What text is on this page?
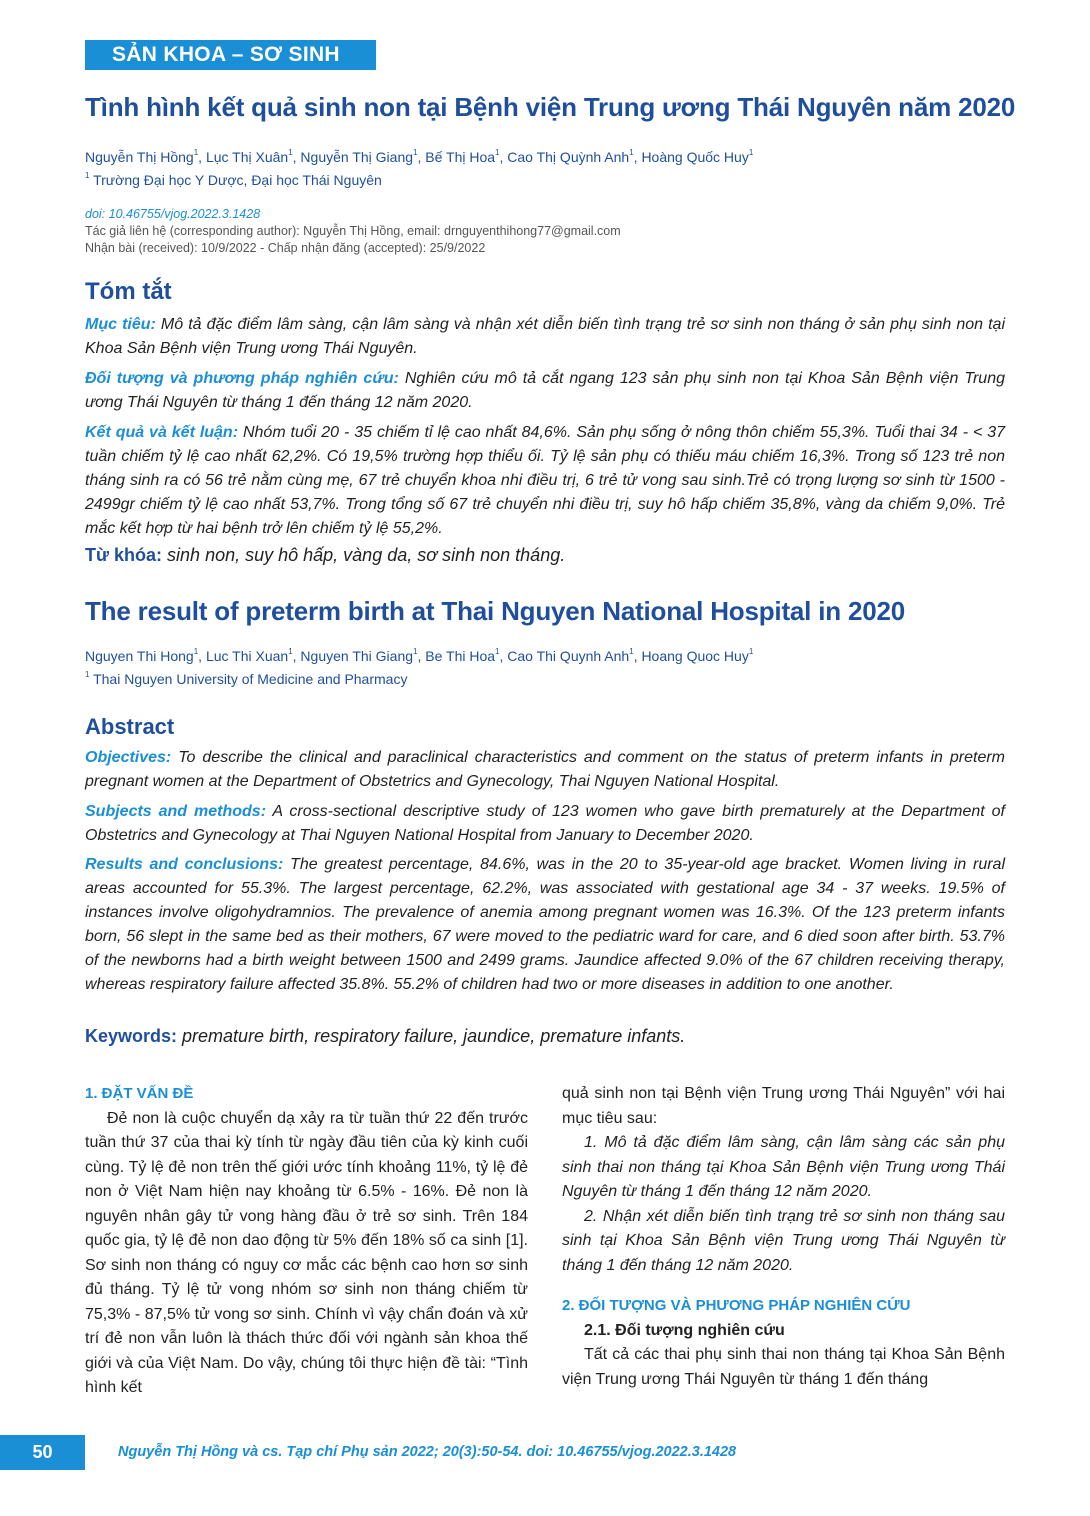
SẢN KHOA – SƠ SINH
Tình hình kết quả sinh non tại Bệnh viện Trung ương Thái Nguyên năm 2020
Nguyễn Thị Hồng$^1$, Lục Thị Xuân$^1$, Nguyễn Thị Giang$^1$, Bế Thị Hoa$^1$, Cao Thị Quỳnh Anh$^1$, Hoàng Quốc Huy$^1$
$^1$ Trường Đại học Y Dược, Đại học Thái Nguyên
doi: 10.46755/vjog.2022.3.1428
Tác giả liên hệ (corresponding author): Nguyễn Thị Hồng, email: drnguyenthihong77@gmail.com
Nhận bài (received): 10/9/2022 - Chấp nhận đăng (accepted): 25/9/2022
Tóm tắt
Mục tiêu: Mô tả đặc điểm lâm sàng, cận lâm sàng và nhận xét diễn biến tình trạng trẻ sơ sinh non tháng ở sản phụ sinh non tại Khoa Sản Bệnh viện Trung ương Thái Nguyên.
Đối tượng và phương pháp nghiên cứu: Nghiên cứu mô tả cắt ngang 123 sản phụ sinh non tại Khoa Sản Bệnh viện Trung ương Thái Nguyên từ tháng 1 đến tháng 12 năm 2020.
Kết quả và kết luận: Nhóm tuổi 20 - 35 chiếm tỉ lệ cao nhất 84,6%. Sản phụ sống ở nông thôn chiếm 55,3%. Tuổi thai 34 - < 37 tuần chiếm tỷ lệ cao nhất 62,2%. Có 19,5% trường hợp thiểu ối. Tỷ lệ sản phụ có thiếu máu chiếm 16,3%. Trong số 123 trẻ non tháng sinh ra có 56 trẻ nằm cùng mẹ, 67 trẻ chuyển khoa nhi điều trị, 6 trẻ tử vong sau sinh.Trẻ có trọng lượng sơ sinh từ 1500 - 2499gr chiếm tỷ lệ cao nhất 53,7%. Trong tổng số 67 trẻ chuyển nhi điều trị, suy hô hấp chiếm 35,8%, vàng da chiếm 9,0%. Trẻ mắc kết hợp từ hai bệnh trở lên chiếm tỷ lệ 55,2%.
Từ khóa: sinh non, suy hô hấp, vàng da, sơ sinh non tháng.
The result of preterm birth at Thai Nguyen National Hospital in 2020
Nguyen Thi Hong$^1$, Luc Thi Xuan$^1$, Nguyen Thi Giang$^1$, Be Thi Hoa$^1$, Cao Thi Quynh Anh$^1$, Hoang Quoc Huy$^1$
$^1$ Thai Nguyen University of Medicine and Pharmacy
Abstract
Objectives: To describe the clinical and paraclinical characteristics and comment on the status of preterm infants in preterm pregnant women at the Department of Obstetrics and Gynecology, Thai Nguyen National Hospital.
Subjects and methods: A cross-sectional descriptive study of 123 women who gave birth prematurely at the Department of Obstetrics and Gynecology at Thai Nguyen National Hospital from January to December 2020.
Results and conclusions: The greatest percentage, 84.6%, was in the 20 to 35-year-old age bracket. Women living in rural areas accounted for 55.3%. The largest percentage, 62.2%, was associated with gestational age 34 - 37 weeks. 19.5% of instances involve oligohydramnios. The prevalence of anemia among pregnant women was 16.3%. Of the 123 preterm infants born, 56 slept in the same bed as their mothers, 67 were moved to the pediatric ward for care, and 6 died soon after birth. 53.7% of the newborns had a birth weight between 1500 and 2499 grams. Jaundice affected 9.0% of the 67 children receiving therapy, whereas respiratory failure affected 35.8%. 55.2% of children had two or more diseases in addition to one another.
Keywords: premature birth, respiratory failure, jaundice, premature infants.
1. ĐẶT VẤN ĐỀ

Đẻ non là cuộc chuyển dạ xảy ra từ tuần thứ 22 đến trước tuần thứ 37 của thai kỳ tính từ ngày đầu tiên của kỳ kinh cuối cùng. Tỷ lệ đẻ non trên thế giới ước tính khoảng 11%, tỷ lệ đẻ non ở Việt Nam hiện nay khoảng từ 6.5% - 16%. Đẻ non là nguyên nhân gây tử vong hàng đầu ở trẻ sơ sinh. Trên 184 quốc gia, tỷ lệ đẻ non dao động từ 5% đến 18% số ca sinh [1]. Sơ sinh non tháng có nguy cơ mắc các bệnh cao hơn sơ sinh đủ tháng. Tỷ lệ tử vong nhóm sơ sinh non tháng chiếm từ 75,3% - 87,5% tử vong sơ sinh. Chính vì vậy chẩn đoán và xử trí đẻ non vẫn luôn là thách thức đối với ngành sản khoa thế giới và của Việt Nam. Do vậy, chúng tôi thực hiện đề tài: “Tình hình kết

quả sinh non tại Bệnh viện Trung ương Thái Nguyên” với hai mục tiêu sau:

1. Mô tả đặc điểm lâm sàng, cận lâm sàng các sản phụ sinh thai non tháng tại Khoa Sản Bệnh viện Trung ương Thái Nguyên từ tháng 1 đến tháng 12 năm 2020.

2. Nhận xét diễn biến tình trạng trẻ sơ sinh non tháng sau sinh tại Khoa Sản Bệnh viện Trung ương Thái Nguyên từ tháng 1 đến tháng 12 năm 2020.

2. ĐỐI TƯỢNG VÀ PHƯƠNG PHÁP NGHIÊN CỨU
2.1. Đối tượng nghiên cứu

Tất cả các thai phụ sinh thai non tháng tại Khoa Sản Bệnh viện Trung ương Thái Nguyên từ tháng 1 đến tháng

50	Nguyễn Thị Hồng và cs. Tạp chí Phụ sản 2022; 20(3):50-54. doi: 10.46755/vjog.2022.3.1428
